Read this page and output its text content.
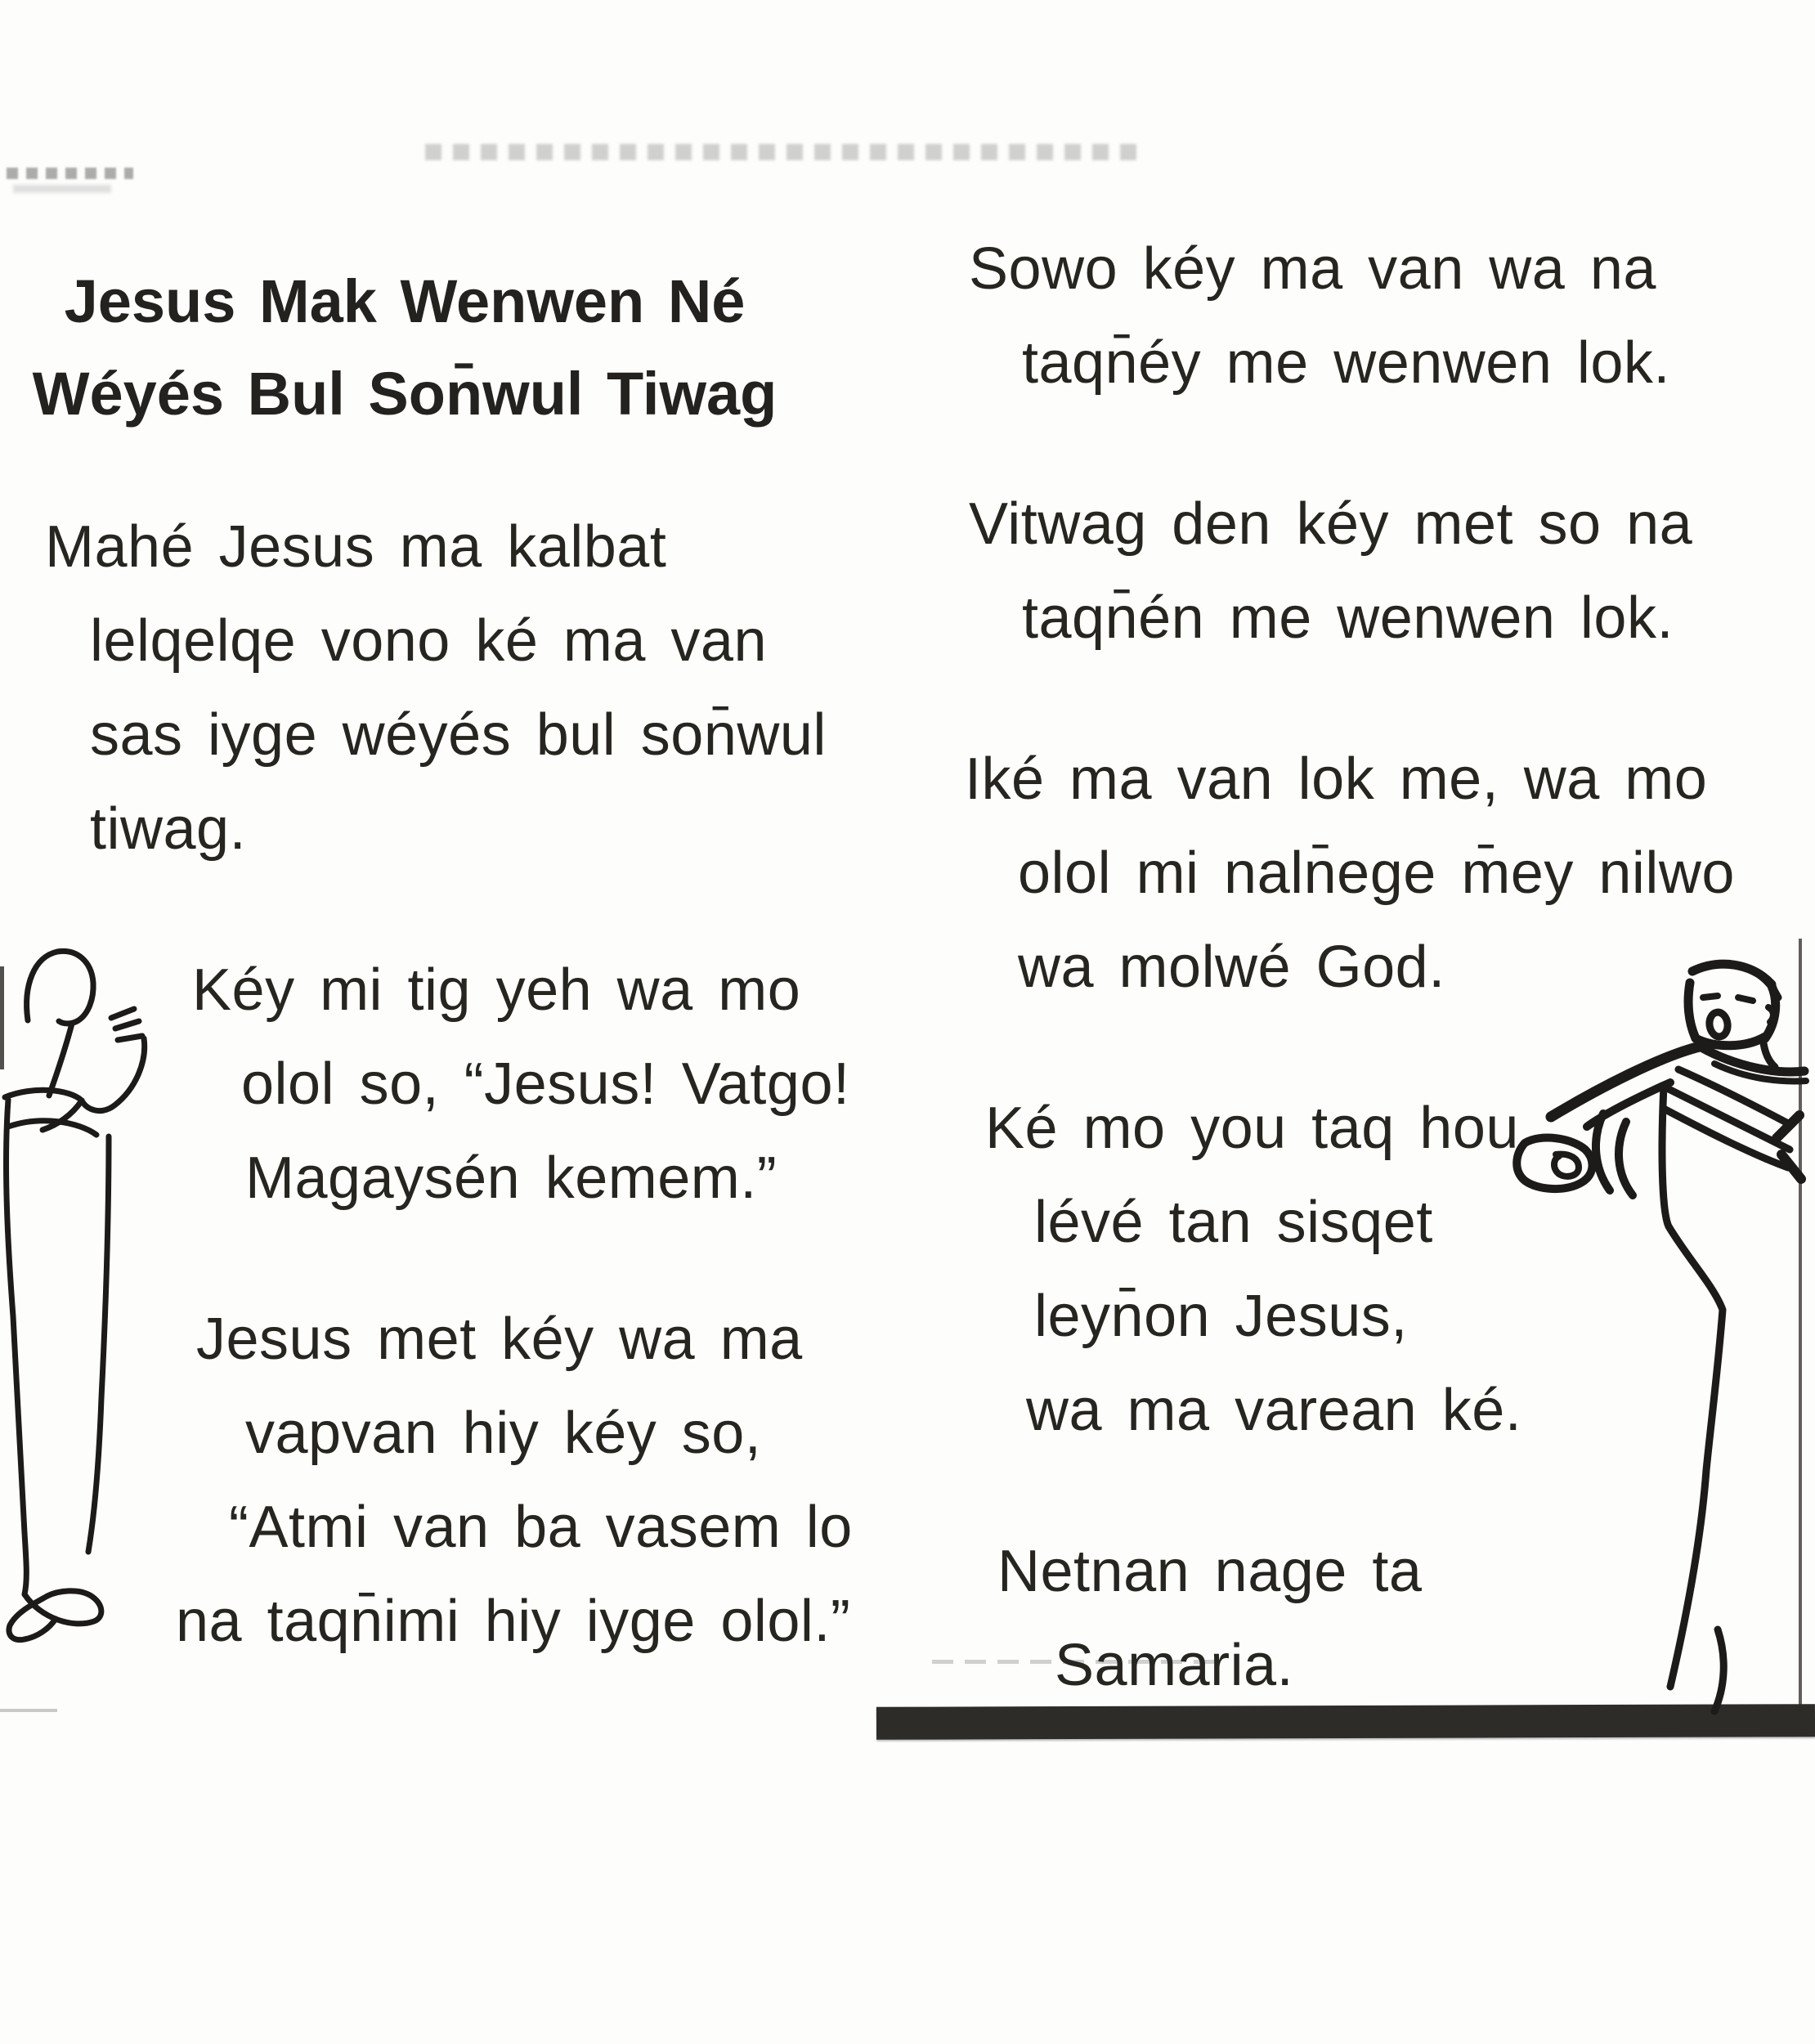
Jesus Mak Wenwen Né
Wéyés Bul Son̄wul Tiwag
Mahé Jesus ma kalbat
lelqelqe vono ké ma van
sas iyge wéyés bul son̄wul
tiwag.
Kéy mi tig yeh wa mo
olol so, “Jesus! Vatgo!
Magaysén kemem.”
Jesus met kéy wa ma
vapvan hiy kéy so,
“Atmi van ba vasem lo
na taqn̄imi hiy iyge olol.”
Sowo kéy ma van wa na
taqn̄éy me wenwen lok.
Vitwag den kéy met so na
taqn̄én me wenwen lok.
Iké ma van lok me, wa mo
olol mi naln̄ege m̄ey nilwo
wa molwé God.
Ké mo you taq hou
lévé tan sisqet
leyn̄on Jesus,
wa ma varean ké.
Netnan nage ta
Samaria.
